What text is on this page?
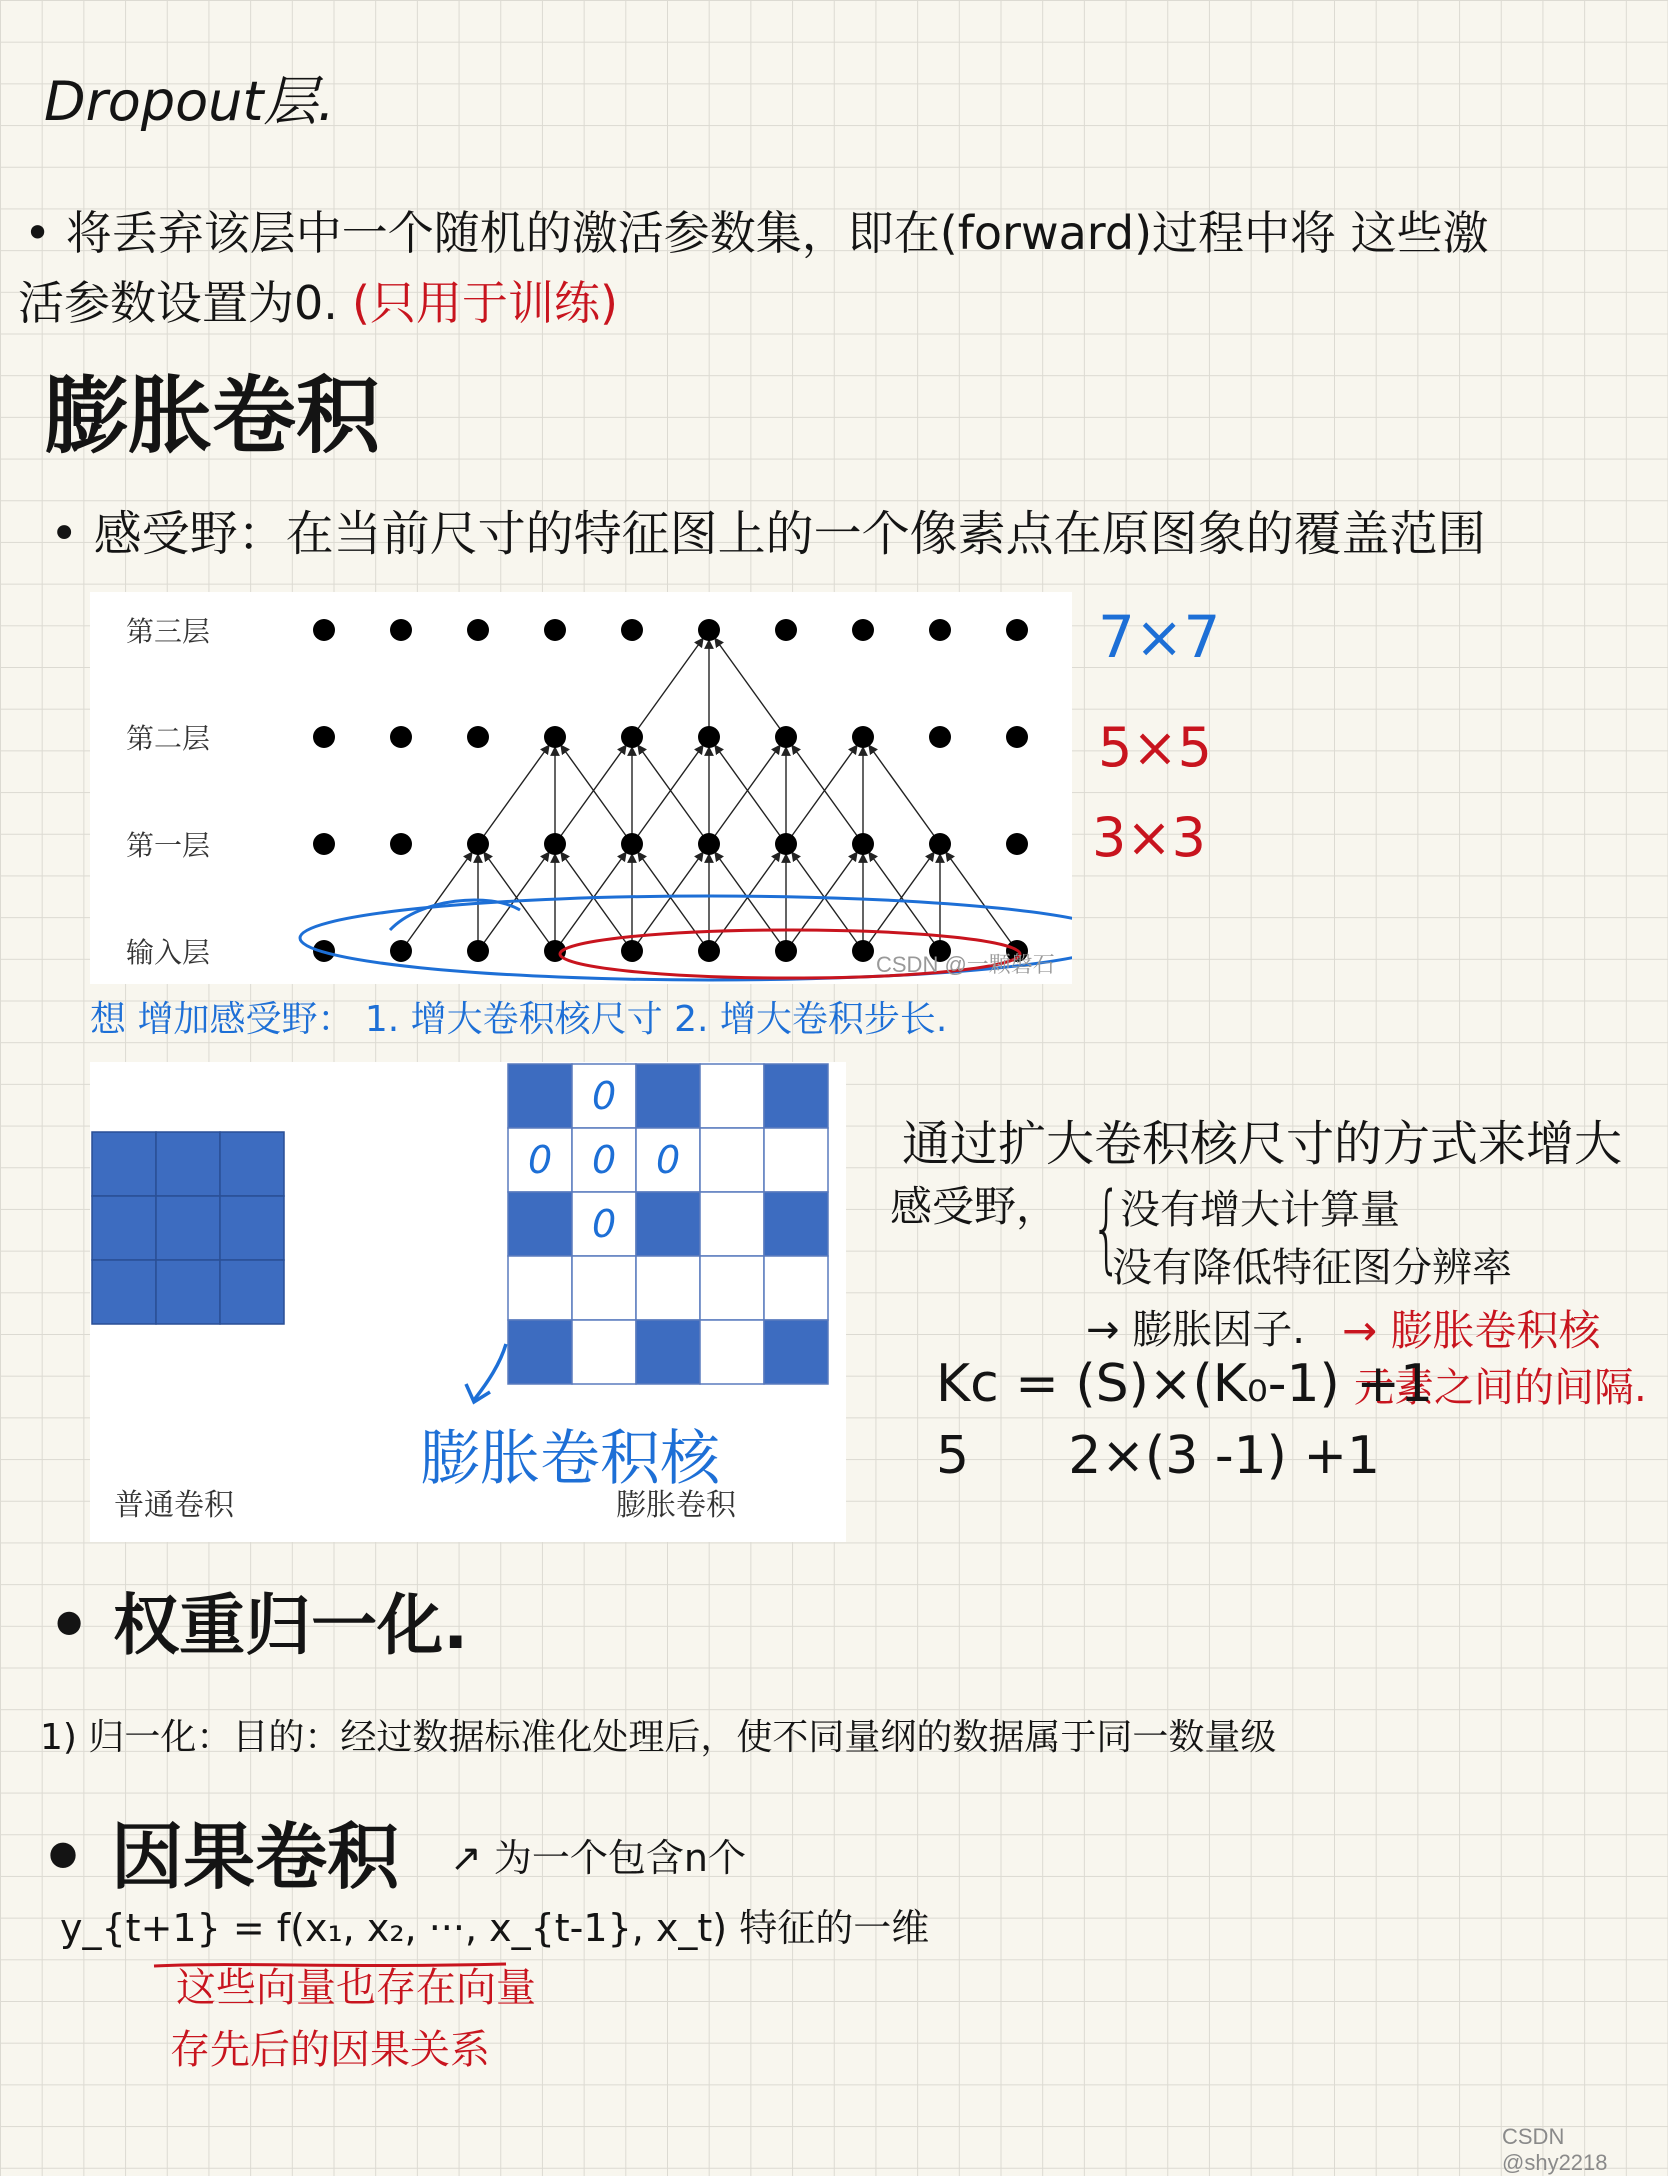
Dropout层.
• 将丢弃该层中一个随机的激活参数集，即在(forward)过程中将 这些激
活参数设置为0. (只用于训练)
膨胀卷积
• 感受野：在当前尺寸的特征图上的一个像素点在原图象的覆盖范围
第三层
第二层
第一层
输入层	CSDN @一颗磐石
7×7
5×5
3×3
想 增加感受野： 1. 增大卷积核尺寸 2. 增大卷积步长.
普通卷积	膨胀卷积
0
0 0 0
0
膨胀卷积核
通过扩大卷积核尺寸的方式来增大
感受野， {
没有增大计算量
没有降低特征图分辨率
→ 膨胀因子. → 膨胀卷积核
元素之间的间隔.
Kc = (S)×(K₀-1) +1
5      2×(3 -1) +1
• 权重归一化.
1) 归一化：目的：经过数据标准化处理后，使不同量纲的数据属于同一数量级
• 因果卷积 ↗ 为一个包含n个
y_{t+1} = f(x₁, x₂, ···, x_{t-1}, x_t) 特征的一维
这些向量也存在向量
存先后的因果关系
CSDN @shy2218
